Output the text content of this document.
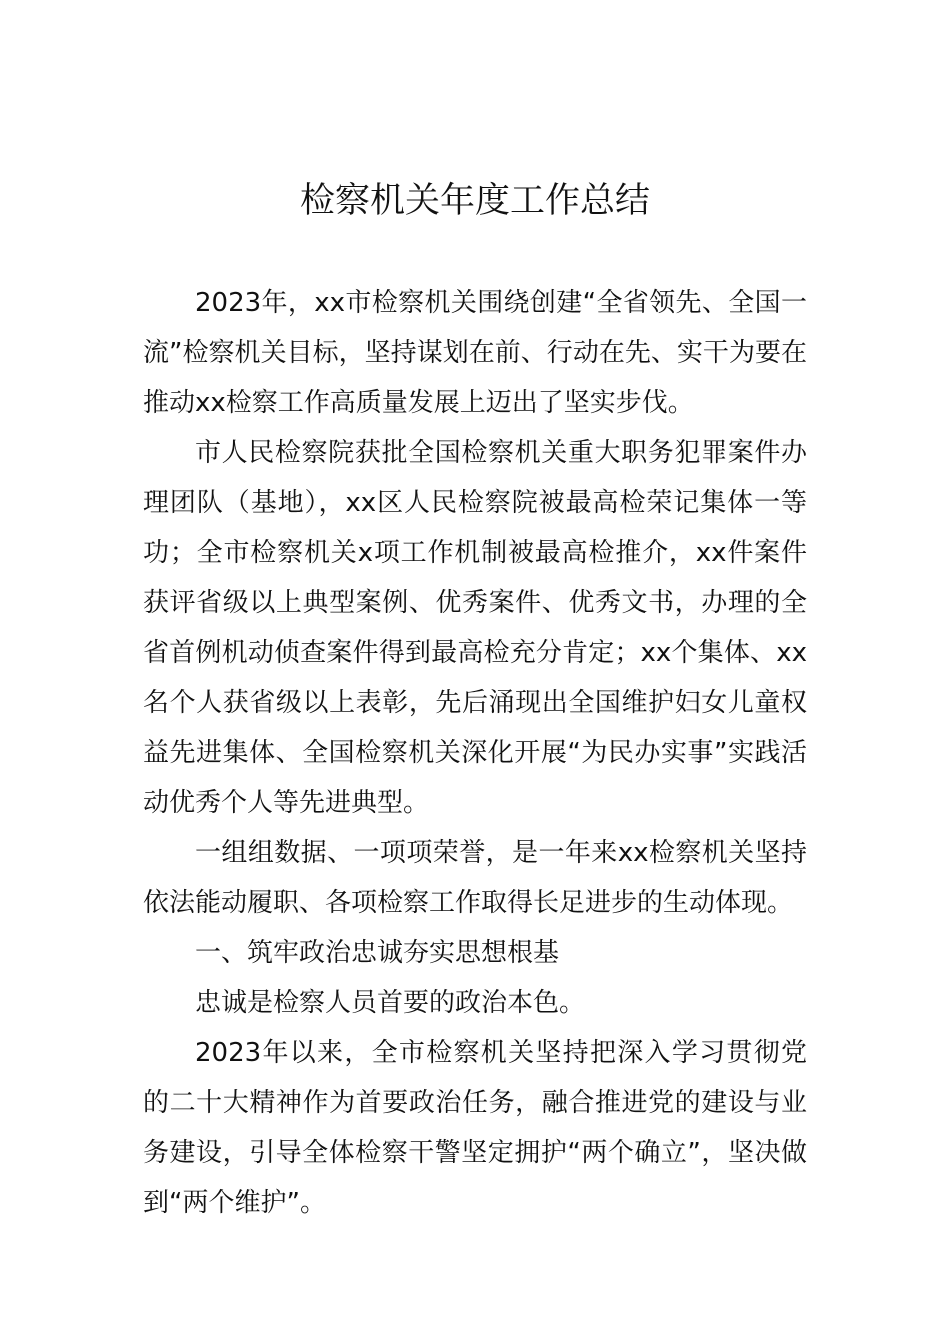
检察机关年度工作总结

2023年，xx市检察机关围绕创建“全省领先、全国一流”检察机关目标，坚持谋划在前、行动在先、实干为要在推动xx检察工作高质量发展上迈出了坚实步伐。

市人民检察院获批全国检察机关重大职务犯罪案件办理团队（基地），xx区人民检察院被最高检荣记集体一等功；全市检察机关x项工作机制被最高检推介，xx件案件获评省级以上典型案例、优秀案件、优秀文书，办理的全省首例机动侦查案件得到最高检充分肯定；xx个集体、xx名个人获省级以上表彰，先后涌现出全国维护妇女儿童权益先进集体、全国检察机关深化开展“为民办实事”实践活动优秀个人等先进典型。

一组组数据、一项项荣誉，是一年来xx检察机关坚持依法能动履职、各项检察工作取得长足进步的生动体现。

一、筑牢政治忠诚夯实思想根基

忠诚是检察人员首要的政治本色。

2023年以来，全市检察机关坚持把深入学习贯彻党的二十大精神作为首要政治任务，融合推进党的建设与业务建设，引导全体检察干警坚定拥护“两个确立”，坚决做到“两个维护”。
